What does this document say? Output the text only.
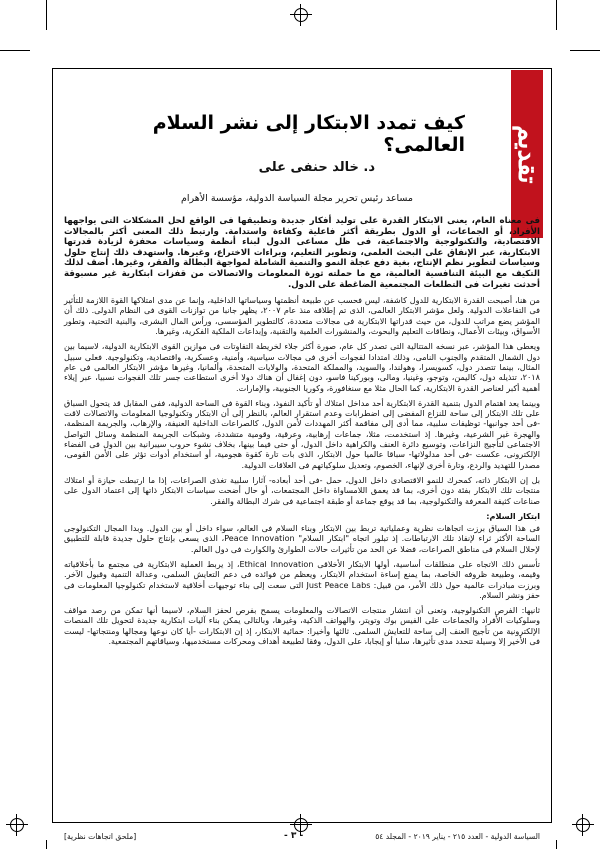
تقديم
كيف تمدد الابتكار إلى نشر السلام العالمى؟
د. خالد حنفى على
مساعد رئيس تحرير مجلة السياسة الدولية، مؤسسة الأهرام

فى معناه العام، يعنى الابتكار القدرة على توليد أفكار جديدة وتطبيقها فى الواقع لحل المشكلات التى يواجهها الأفراد، أو الجماعات، أو الدول بطريقة أكثر فاعلية وكفاءة واستدامة. وارتبط ذلك المعنى أكثر بالمجالات الاقتصادية، والتكنولوجية والاجتماعية، فى ظل مساعى الدول لبناء أنظمة وسياسات محفزة لزيادة قدرتها الابتكارية، عبر الإنفاق على البحث العلمى، وتطوير التعليم، وبراءات الاختراع، وغيرها. واستهدف ذلك إنتاج حلول وسياسات لتطوير نظم الإنتاج، بغية دفع عجلة النمو والتنمية الشاملة لمواجهة البطالة والفقر، وغيرها. أضف لذلك التكيف مع البيئة التنافسية العالمية، مع ما حملته ثورة المعلومات والاتصالات من قفزات ابتكارية غير مسبوقة أحدثت تغيرات فى التطلعات المجتمعية الضاغطة على الدول.

من هنا، أصبحت القدرة الابتكارية للدول كاشفة، ليس فحسب عن طبيعة أنظمتها وسياساتها الداخلية، وإنما عن مدى امتلاكها القوة اللازمة للتأثير فى التفاعلات الدولية. ولعل مؤشر الابتكار العالمى، الذى تم إطلاقه منذ عام ٢٠٠٧، يظهر جانبا من توازنات القوى فى النظام الدولى. ذلك أن المؤشر يضع مراتب للدول، من حيث قدراتها الابتكارية فى مجالات متعددة، كالتطوير المؤسسى، ورأس المال البشرى، والبنية التحتية، وتطور الأسواق، وبيئات الأعمال، ونطاقات التعليم والبحوث، والمنشورات العلمية والتقنية، وإبداعات الملكية الفكرية، وغيرها.

ويعطى هذا المؤشر، عبر نسخه المتتالية التى تصدر كل عام، صورة أكثر جلاء لخريطة التفاوتات فى موازين القوى الابتكارية الدولية، لاسيما بين دول الشمال المتقدم والجنوب النامى، وذلك امتدادا لفجوات أخرى فى مجالات سياسية، وأمنية، وعسكرية، واقتصادية، وتكنولوجية. فعلى سبيل المثال، بينما تتصدر دول، كسويسرا، وهولندا، والسويد، والمملكة المتحدة، والولايات المتحدة، وألمانيا، وغيرها مؤشر الابتكار العالمى فى عام ٢٠١٨، تتذيله دول، كاليمن، وتوجو، وغينيا، ومالى، وبوركينا فاسو، دون إغفال أن هناك دولا أخرى استطاعت جسر تلك الفجوات نسبيا، عبر إيلاء أهمية أكبر لعناصر القدرة الابتكارية، كما الحال مثلا مع سنغافورة، وكوريا الجنوبية، والإمارات.

وبينما يعد اهتمام الدول بتنمية القدرة الابتكارية أحد مداخل امتلاك أو تأكيد النفوذ، وبناء القوة فى الساحة الدولية، ففى المقابل قد يتحول السباق على تلك الابتكار إلى ساحة للنزاع المفضى إلى اضطرابات وعدم استقرار العالم، بالنظر إلى أن الابتكار وتكنولوجيا المعلومات والاتصالات لاقت -فى أحد جوانبها- توظيفات سلبية، مما أدى إلى مفاقمة أكثر المهددات لأمن الدول، كالصراعات الداخلية العنيفة، والإرهاب، والجريمة المنظمة، والهجرة غير الشرعية، وغيرها. إذ استخدمت، مثلا، جماعات إرهابية، وعرقية، وقومية متشددة، وشبكات الجريمة المنظمة وسائل التواصل الاجتماعى لتأجيج النزاعات، وتوسيع دائرة العنف والكراهية داخل الدول، أو حتى فيما بينها، بخلاف نشوء حروب سيبرانية بين الدول فى الفضاء الإلكترونى، عكست -فى أحد مدلولاتها- سباقا عالميا حول الابتكار، الذى بات تارة كقوة هجومية، أو استخدام أدوات تؤثر على الأمن القومى، مصدرا للتهديد والردع، وتارة أخرى لإنهاء، الخصوم، وتعديل سلوكياتهم فى العلاقات الدولية.

بل إن الابتكار ذاته، كمحرك للنمو الاقتصادى داخل الدول، حمل -فى أحد أبعاده- آثارا سلبية تغذى الصراعات، إذا ما ارتبطت حيازة أو امتلاك منتجات تلك الابتكار بفئة دون أخرى، بما قد يعمق اللامساواة داخل المجتمعات، أو حال أضحت سياسات الابتكار ذاتها إلى اعتماد الدول على صناعات كثيفة المعرفة والتكنولوجية، بما قد يوقع جماعة أو طبقة اجتماعية فى شرك البطالة والفقر.

ابتكار السلام:

فى هذا السياق برزت اتجاهات نظرية وعملياتية تربط بين الابتكار وبناء السلام فى العالم، سواء داخل أو بين الدول. وبدا المجال التكنولوجى الساحة الأكثر ثراء لإنفاذ تلك الارتباطات. إذ تبلور اتجاه "ابتكار السلام" Peace Innovation، الذى يسعى بإنتاج حلول جديدة قابلة للتطبيق لإحلال السلام فى مناطق الصراعات، فضلا عن الحد من تأثيرات حالات الطوارئ والكوارث فى دول العالم.

تأسس ذلك الاتجاه على منطلقات أساسية، أولها الابتكار الأخلاقى Ethical Innovation، إذ يربط العملية الابتكارية فى مجتمع ما بأخلاقياته وقيمه، وطبيعة ظروفه الخاصة، بما يمنع إساءة استخدام الابتكار، ويعظم من فوائده فى دعم التعايش السلمى، وعدالة التنمية وقبول الآخر. وبرزت مبادرات عالمية حول ذلك الأمر، من قبيل: Just Peace Labs التى سعت إلى بناء توجيهات أخلاقية لاستخدام تكنولوجيا المعلومات فى حفز ونشر السلام.

ثانيها: الفرص التكنولوجية، وتعنى أن انتشار منتجات الاتصالات والمعلومات يسمح بفرص لحفز السلام، لاسيما أنها تمكن من رصد مواقف وسلوكيات الأفراد والجماعات على الفيس بوك وتويتر، والهواتف الذكية، وغيرها، وبالتالى يمكن بناء آليات ابتكارية جديدة لتحويل تلك المنصات الإلكترونية من تأجيج العنف إلى ساحة للتعايش السلمى. ثالثها وأخيرا: حمائية الابتكار، إذ إن الابتكارات -أيا كان نوعها ومجالها ومنتجاتها- ليست فى الأخير إلا وسيلة تتحدد مدى تأثيرها، سلبا أو إيجابا، على الدول، وفقا لطبيعة أهداف ومحركات مستخدميها، وسياقاتهم المجتمعية.

السياسة الدولية - العدد ٢١٥ - يناير ٢٠١٩ - المجلد ٥٤
- ٣ -
[ملحق اتجاهات نظرية]
